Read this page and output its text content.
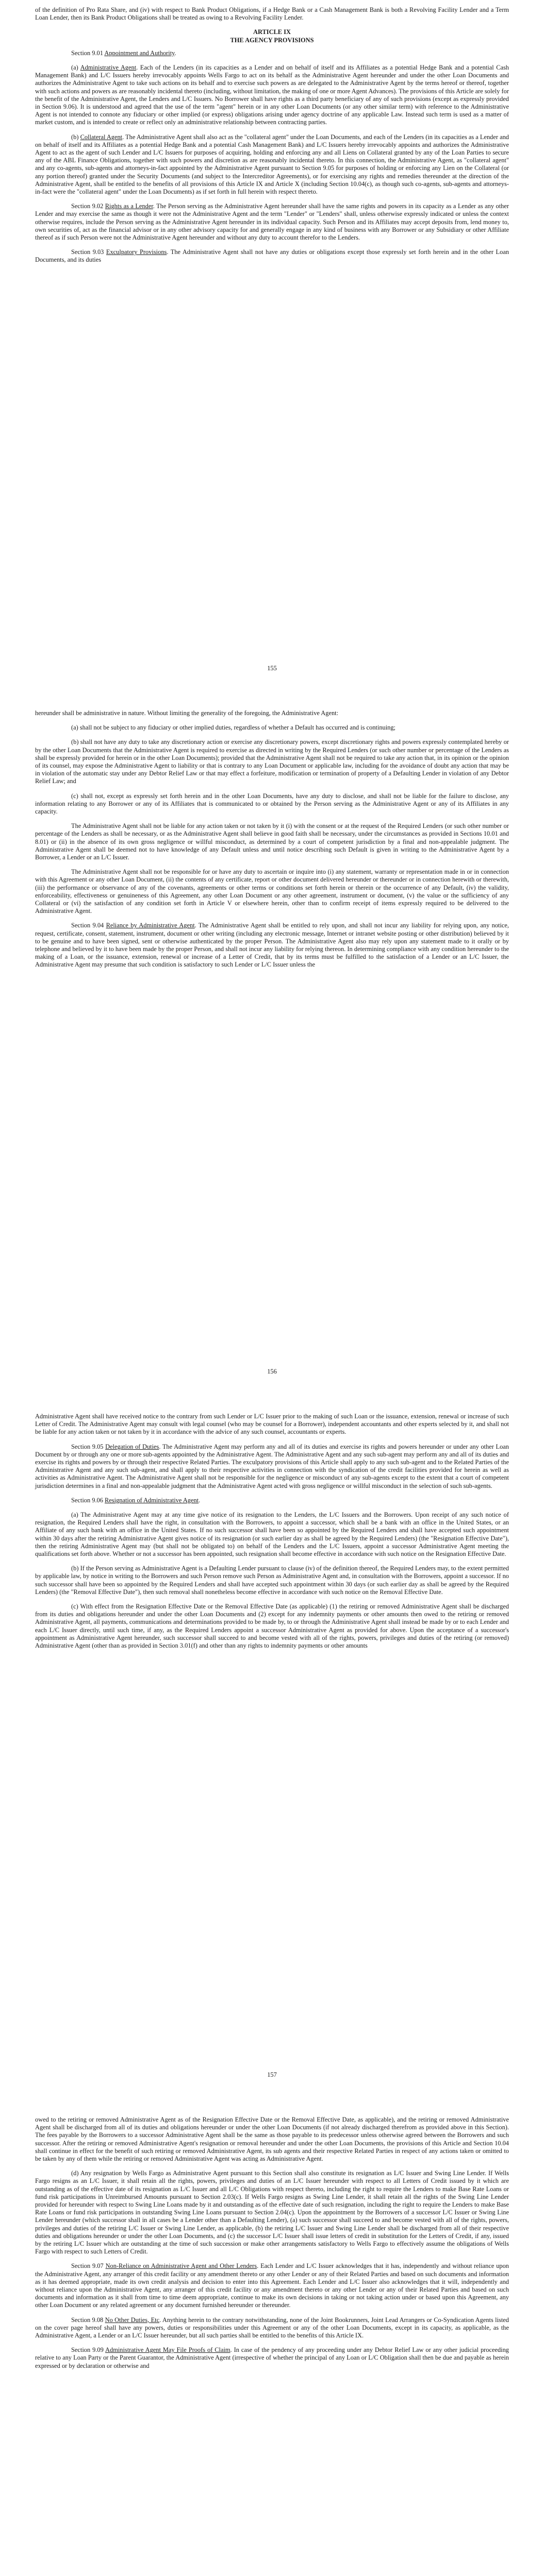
of the definition of Pro Rata Share, and (iv) with respect to Bank Product Obligations, if a Hedge Bank or a Cash Management Bank is both a Revolving Facility Lender and a Term Loan Lender, then its Bank Product Obligations shall be treated as owing to a Revolving Facility Lender.

ARTICLE IX

THE AGENCY PROVISIONS

Section 9.01 Appointment and Authority.

(a) Administrative Agent. Each of the Lenders (in its capacities as a Lender and on behalf of itself and its Affiliates as a potential Hedge Bank and a potential Cash Management Bank) and L/C Issuers hereby irrevocably appoints Wells Fargo to act on its behalf as the Administrative Agent hereunder and under the other Loan Documents and authorizes the Administrative Agent to take such actions on its behalf and to exercise such powers as are delegated to the Administrative Agent by the terms hereof or thereof, together with such actions and powers as are reasonably incidental thereto (including, without limitation, the making of one or more Agent Advances). The provisions of this Article are solely for the benefit of the Administrative Agent, the Lenders and L/C Issuers. No Borrower shall have rights as a third party beneficiary of any of such provisions (except as expressly provided in Section 9.06). It is understood and agreed that the use of the term "agent" herein or in any other Loan Documents (or any other similar term) with reference to the Administrative Agent is not intended to connote any fiduciary or other implied (or express) obligations arising under agency doctrine of any applicable Law. Instead such term is used as a matter of market custom, and is intended to create or reflect only an administrative relationship between contracting parties.

(b) Collateral Agent. The Administrative Agent shall also act as the "collateral agent" under the Loan Documents, and each of the Lenders (in its capacities as a Lender and on behalf of itself and its Affiliates as a potential Hedge Bank and a potential Cash Management Bank) and L/C Issuers hereby irrevocably appoints and authorizes the Administrative Agent to act as the agent of such Lender and L/C Issuers for purposes of acquiring, holding and enforcing any and all Liens on Collateral granted by any of the Loan Parties to secure any of the ABL Finance Obligations, together with such powers and discretion as are reasonably incidental thereto. In this connection, the Administrative Agent, as "collateral agent" and any co-agents, sub-agents and attorneys-in-fact appointed by the Administrative Agent pursuant to Section 9.05 for purposes of holding or enforcing any Lien on the Collateral (or any portion thereof) granted under the Security Documents (and subject to the Intercreditor Agreements), or for exercising any rights and remedies thereunder at the direction of the Administrative Agent, shall be entitled to the benefits of all provisions of this Article IX and Article X (including Section 10.04(c), as though such co-agents, sub-agents and attorneys-in-fact were the "collateral agent" under the Loan Documents) as if set forth in full herein with respect thereto.

Section 9.02 Rights as a Lender. The Person serving as the Administrative Agent hereunder shall have the same rights and powers in its capacity as a Lender as any other Lender and may exercise the same as though it were not the Administrative Agent and the term "Lender" or "Lenders" shall, unless otherwise expressly indicated or unless the context otherwise requires, include the Person serving as the Administrative Agent hereunder in its individual capacity. Such Person and its Affiliates may accept deposits from, lend money to, own securities of, act as the financial advisor or in any other advisory capacity for and generally engage in any kind of business with any Borrower or any Subsidiary or other Affiliate thereof as if such Person were not the Administrative Agent hereunder and without any duty to account therefor to the Lenders.

Section 9.03 Exculpatory Provisions. The Administrative Agent shall not have any duties or obligations except those expressly set forth herein and in the other Loan Documents, and its duties

155

hereunder shall be administrative in nature. Without limiting the generality of the foregoing, the Administrative Agent:

(a) shall not be subject to any fiduciary or other implied duties, regardless of whether a Default has occurred and is continuing;

(b) shall not have any duty to take any discretionary action or exercise any discretionary powers, except discretionary rights and powers expressly contemplated hereby or by the other Loan Documents that the Administrative Agent is required to exercise as directed in writing by the Required Lenders (or such other number or percentage of the Lenders as shall be expressly provided for herein or in the other Loan Documents); provided that the Administrative Agent shall not be required to take any action that, in its opinion or the opinion of its counsel, may expose the Administrative Agent to liability or that is contrary to any Loan Document or applicable law, including for the avoidance of doubt any action that may be in violation of the automatic stay under any Debtor Relief Law or that may effect a forfeiture, modification or termination of property of a Defaulting Lender in violation of any Debtor Relief Law; and

(c) shall not, except as expressly set forth herein and in the other Loan Documents, have any duty to disclose, and shall not be liable for the failure to disclose, any information relating to any Borrower or any of its Affiliates that is communicated to or obtained by the Person serving as the Administrative Agent or any of its Affiliates in any capacity.

The Administrative Agent shall not be liable for any action taken or not taken by it (i) with the consent or at the request of the Required Lenders (or such other number or percentage of the Lenders as shall be necessary, or as the Administrative Agent shall believe in good faith shall be necessary, under the circumstances as provided in Sections 10.01 and 8.01) or (ii) in the absence of its own gross negligence or willful misconduct, as determined by a court of competent jurisdiction by a final and non-appealable judgment. The Administrative Agent shall be deemed not to have knowledge of any Default unless and until notice describing such Default is given in writing to the Administrative Agent by a Borrower, a Lender or an L/C Issuer.

The Administrative Agent shall not be responsible for or have any duty to ascertain or inquire into (i) any statement, warranty or representation made in or in connection with this Agreement or any other Loan Document, (ii) the contents of any certificate, report or other document delivered hereunder or thereunder or in connection herewith or therewith, (iii) the performance or observance of any of the covenants, agreements or other terms or conditions set forth herein or therein or the occurrence of any Default, (iv) the validity, enforceability, effectiveness or genuineness of this Agreement, any other Loan Document or any other agreement, instrument or document, (v) the value or the sufficiency of any Collateral or (vi) the satisfaction of any condition set forth in Article V or elsewhere herein, other than to confirm receipt of items expressly required to be delivered to the Administrative Agent.

Section 9.04 Reliance by Administrative Agent. The Administrative Agent shall be entitled to rely upon, and shall not incur any liability for relying upon, any notice, request, certificate, consent, statement, instrument, document or other writing (including any electronic message, Internet or intranet website posting or other distribution) believed by it to be genuine and to have been signed, sent or otherwise authenticated by the proper Person. The Administrative Agent also may rely upon any statement made to it orally or by telephone and believed by it to have been made by the proper Person, and shall not incur any liability for relying thereon. In determining compliance with any condition hereunder to the making of a Loan, or the issuance, extension, renewal or increase of a Letter of Credit, that by its terms must be fulfilled to the satisfaction of a Lender or an L/C Issuer, the Administrative Agent may presume that such condition is satisfactory to such Lender or L/C Issuer unless the

156

Administrative Agent shall have received notice to the contrary from such Lender or L/C Issuer prior to the making of such Loan or the issuance, extension, renewal or increase of such Letter of Credit. The Administrative Agent may consult with legal counsel (who may be counsel for a Borrower), independent accountants and other experts selected by it, and shall not be liable for any action taken or not taken by it in accordance with the advice of any such counsel, accountants or experts.

Section 9.05 Delegation of Duties. The Administrative Agent may perform any and all of its duties and exercise its rights and powers hereunder or under any other Loan Document by or through any one or more sub-agents appointed by the Administrative Agent. The Administrative Agent and any such sub-agent may perform any and all of its duties and exercise its rights and powers by or through their respective Related Parties. The exculpatory provisions of this Article shall apply to any such sub-agent and to the Related Parties of the Administrative Agent and any such sub-agent, and shall apply to their respective activities in connection with the syndication of the credit facilities provided for herein as well as activities as Administrative Agent. The Administrative Agent shall not be responsible for the negligence or misconduct of any sub-agents except to the extent that a court of competent jurisdiction determines in a final and non-appealable judgment that the Administrative Agent acted with gross negligence or willful misconduct in the selection of such sub-agents.

Section 9.06 Resignation of Administrative Agent.

(a) The Administrative Agent may at any time give notice of its resignation to the Lenders, the L/C Issuers and the Borrowers. Upon receipt of any such notice of resignation, the Required Lenders shall have the right, in consultation with the Borrowers, to appoint a successor, which shall be a bank with an office in the United States, or an Affiliate of any such bank with an office in the United States. If no such successor shall have been so appointed by the Required Lenders and shall have accepted such appointment within 30 days after the retiring Administrative Agent gives notice of its resignation (or such earlier day as shall be agreed by the Required Lenders) (the "Resignation Effective Date"), then the retiring Administrative Agent may (but shall not be obligated to) on behalf of the Lenders and the L/C Issuers, appoint a successor Administrative Agent meeting the qualifications set forth above. Whether or not a successor has been appointed, such resignation shall become effective in accordance with such notice on the Resignation Effective Date.

(b) If the Person serving as Administrative Agent is a Defaulting Lender pursuant to clause (iv) of the definition thereof, the Required Lenders may, to the extent permitted by applicable law, by notice in writing to the Borrowers and such Person remove such Person as Administrative Agent and, in consultation with the Borrowers, appoint a successor. If no such successor shall have been so appointed by the Required Lenders and shall have accepted such appointment within 30 days (or such earlier day as shall be agreed by the Required Lenders) (the "Removal Effective Date"), then such removal shall nonetheless become effective in accordance with such notice on the Removal Effective Date.

(c) With effect from the Resignation Effective Date or the Removal Effective Date (as applicable) (1) the retiring or removed Administrative Agent shall be discharged from its duties and obligations hereunder and under the other Loan Documents and (2) except for any indemnity payments or other amounts then owed to the retiring or removed Administrative Agent, all payments, communications and determinations provided to be made by, to or through the Administrative Agent shall instead be made by or to each Lender and each L/C Issuer directly, until such time, if any, as the Required Lenders appoint a successor Administrative Agent as provided for above. Upon the acceptance of a successor's appointment as Administrative Agent hereunder, such successor shall succeed to and become vested with all of the rights, powers, privileges and duties of the retiring (or removed) Administrative Agent (other than as provided in Section 3.01(f) and other than any rights to indemnity payments or other amounts

157

owed to the retiring or removed Administrative Agent as of the Resignation Effective Date or the Removal Effective Date, as applicable), and the retiring or removed Administrative Agent shall be discharged from all of its duties and obligations hereunder or under the other Loan Documents (if not already discharged therefrom as provided above in this Section). The fees payable by the Borrowers to a successor Administrative Agent shall be the same as those payable to its predecessor unless otherwise agreed between the Borrowers and such successor. After the retiring or removed Administrative Agent's resignation or removal hereunder and under the other Loan Documents, the provisions of this Article and Section 10.04 shall continue in effect for the benefit of such retiring or removed Administrative Agent, its sub agents and their respective Related Parties in respect of any actions taken or omitted to be taken by any of them while the retiring or removed Administrative Agent was acting as Administrative Agent.

(d) Any resignation by Wells Fargo as Administrative Agent pursuant to this Section shall also constitute its resignation as L/C Issuer and Swing Line Lender. If Wells Fargo resigns as an L/C Issuer, it shall retain all the rights, powers, privileges and duties of an L/C Issuer hereunder with respect to all Letters of Credit issued by it which are outstanding as of the effective date of its resignation as L/C Issuer and all L/C Obligations with respect thereto, including the right to require the Lenders to make Base Rate Loans or fund risk participations in Unreimbursed Amounts pursuant to Section 2.03(c). If Wells Fargo resigns as Swing Line Lender, it shall retain all the rights of the Swing Line Lender provided for hereunder with respect to Swing Line Loans made by it and outstanding as of the effective date of such resignation, including the right to require the Lenders to make Base Rate Loans or fund risk participations in outstanding Swing Line Loans pursuant to Section 2.04(c). Upon the appointment by the Borrowers of a successor L/C Issuer or Swing Line Lender hereunder (which successor shall in all cases be a Lender other than a Defaulting Lender), (a) such successor shall succeed to and become vested with all of the rights, powers, privileges and duties of the retiring L/C Issuer or Swing Line Lender, as applicable, (b) the retiring L/C Issuer and Swing Line Lender shall be discharged from all of their respective duties and obligations hereunder or under the other Loan Documents, and (c) the successor L/C Issuer shall issue letters of credit in substitution for the Letters of Credit, if any, issued by the retiring L/C Issuer which are outstanding at the time of such succession or make other arrangements satisfactory to Wells Fargo to effectively assume the obligations of Wells Fargo with respect to such Letters of Credit.

Section 9.07 Non-Reliance on Administrative Agent and Other Lenders. Each Lender and L/C Issuer acknowledges that it has, independently and without reliance upon the Administrative Agent, any arranger of this credit facility or any amendment thereto or any other Lender or any of their Related Parties and based on such documents and information as it has deemed appropriate, made its own credit analysis and decision to enter into this Agreement. Each Lender and L/C Issuer also acknowledges that it will, independently and without reliance upon the Administrative Agent, any arranger of this credit facility or any amendment thereto or any other Lender or any of their Related Parties and based on such documents and information as it shall from time to time deem appropriate, continue to make its own decisions in taking or not taking action under or based upon this Agreement, any other Loan Document or any related agreement or any document furnished hereunder or thereunder.

Section 9.08 No Other Duties, Etc. Anything herein to the contrary notwithstanding, none of the Joint Bookrunners, Joint Lead Arrangers or Co-Syndication Agents listed on the cover page hereof shall have any powers, duties or responsibilities under this Agreement or any of the other Loan Documents, except in its capacity, as applicable, as the Administrative Agent, a Lender or an L/C Issuer hereunder, but all such parties shall be entitled to the benefits of this Article IX.

Section 9.09 Administrative Agent May File Proofs of Claim. In case of the pendency of any proceeding under any Debtor Relief Law or any other judicial proceeding relative to any Loan Party or the Parent Guarantor, the Administrative Agent (irrespective of whether the principal of any Loan or L/C Obligation shall then be due and payable as herein expressed or by declaration or otherwise and
